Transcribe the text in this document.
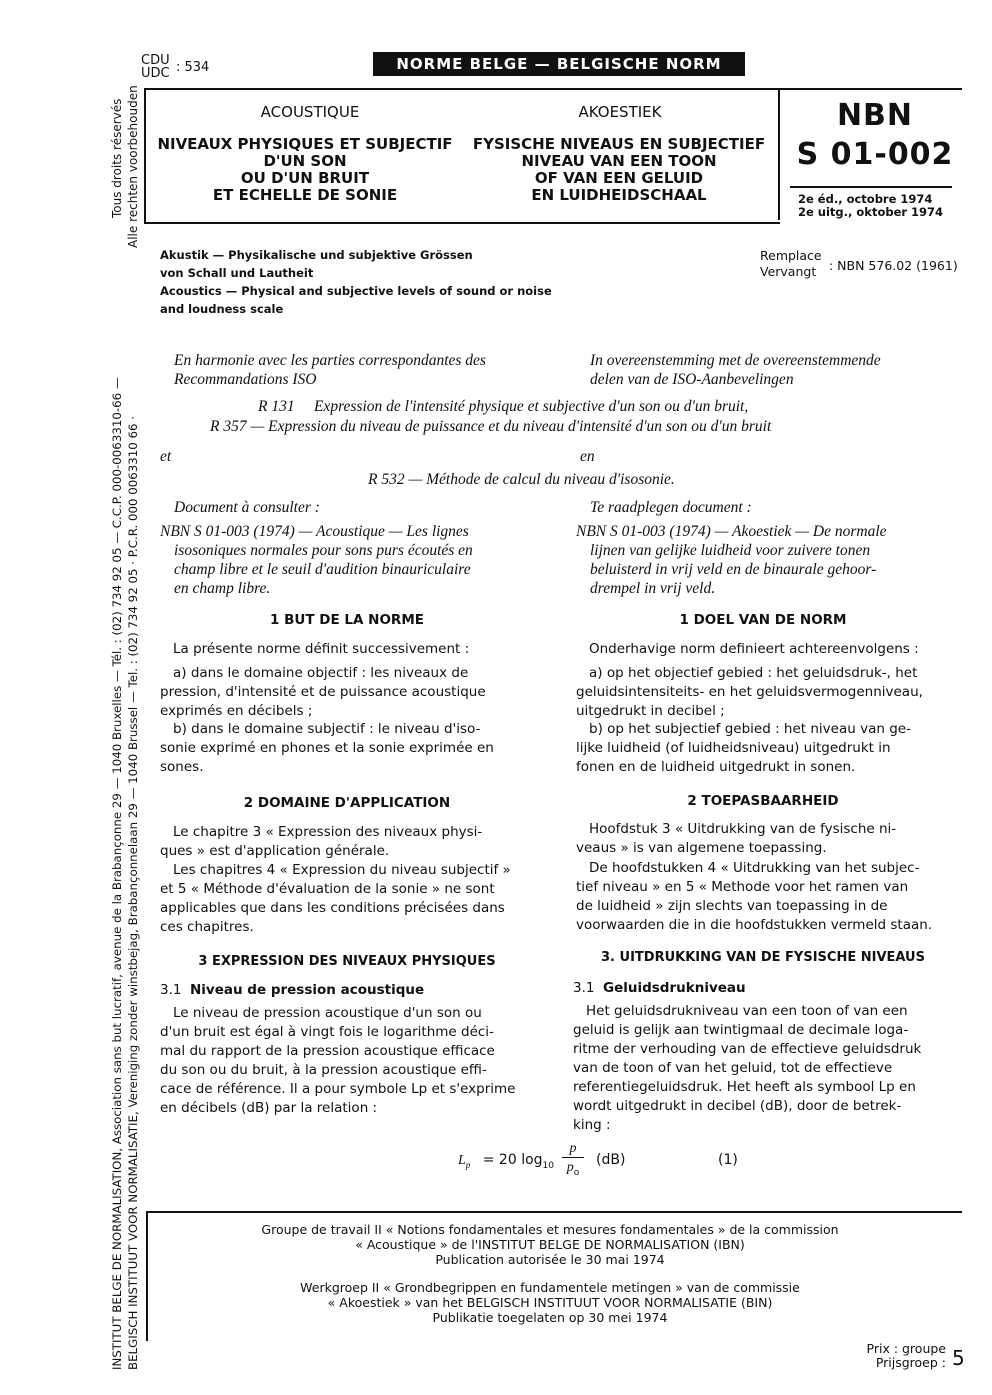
INSTITUT BELGE DE NORMALISATION, Association sans but lucratif, avenue de la Brabançonne 29 — 1040 Bruxelles — Tél. : (02) 734 92 05 — C.C.P. 000-0063310-66 — BELGISCH INSTITUUT VOOR NORMALISATIE, Vereniging zonder winstbejag, Brabançonnelaan 29 — 1040 Brussel — Tel. : (02) 734 92 05 · P.C.R. 000 0063310 66 ·
Tous droits réservés Alle rechten voorbehouden
CDU
UDC : 534	NORME BELGE — BELGISCHE NORM
ACOUSTIQUE	AKOESTIEK
NIVEAUX PHYSIQUES ET SUBJECTIF
D'UN SON
OU D'UN BRUIT
ET ECHELLE DE SONIE
FYSISCHE NIVEAUS EN SUBJECTIEF
NIVEAU VAN EEN TOON
OF VAN EEN GELUID
EN LUIDHEIDSCHAAL
NBN
S 01-002
2e éd., octobre 1974
2e uitg., oktober 1974
Akustik — Physikalische und subjektive Grössen
von Schall und Lautheit
Acoustics — Physical and subjective levels of sound or noise
and loudness scale
Remplace
Vervangt	: NBN 576.02 (1961)
En harmonie avec les parties correspondantes des
Recommandations ISO
In overeenstemming met de overeenstemmende
delen van de ISO-Aanbevelingen
R 131     Expression de l'intensité physique et subjective d'un son ou d'un bruit,
R 357 — Expression du niveau de puissance et du niveau d'intensité d'un son ou d'un bruit
et	en
R 532 — Méthode de calcul du niveau d'isosonie.
Document à consulter :	Te raadplegen document :
NBN S 01-003 (1974) — Acoustique — Les lignes
isosoniques normales pour sons purs écoutés en
champ libre et le seuil d'audition binauriculaire
en champ libre.
NBN S 01-003 (1974) — Akoestiek — De normale
lijnen van gelijke luidheid voor zuivere tonen
beluisterd in vrij veld en de binaurale gehoor-
drempel in vrij veld.
1 BUT DE LA NORME
La présente norme définit successivement :
a) dans le domaine objectif : les niveaux de
pression, d'intensité et de puissance acoustique
exprimés en décibels ;
b) dans le domaine subjectif : le niveau d'iso-
sonie exprimé en phones et la sonie exprimée en
sones.
2 DOMAINE D'APPLICATION
Le chapitre 3 « Expression des niveaux physi-
ques » est d'application générale.
Les chapitres 4 « Expression du niveau subjectif »
et 5 « Méthode d'évaluation de la sonie » ne sont
applicables que dans les conditions précisées dans
ces chapitres.
3 EXPRESSION DES NIVEAUX PHYSIQUES
3.1 Niveau de pression acoustique
Le niveau de pression acoustique d'un son ou
d'un bruit est égal à vingt fois le logarithme déci-
mal du rapport de la pression acoustique efficace
du son ou du bruit, à la pression acoustique effi-
cace de référence. Il a pour symbole Lp et s'exprime
en décibels (dB) par la relation :
1 DOEL VAN DE NORM
Onderhavige norm definieert achtereenvolgens :
a) op het objectief gebied : het geluidsdruk-, het
geluidsintensiteits- en het geluidsvermogenniveau,
uitgedrukt in decibel ;
b) op het subjectief gebied : het niveau van ge-
lijke luidheid (of luidheidsniveau) uitgedrukt in
fonen en de luidheid uitgedrukt in sonen.
2 TOEPASBAARHEID
Hoofdstuk 3 « Uitdrukking van de fysische ni-
veaus » is van algemene toepassing.
De hoofdstukken 4 « Uitdrukking van het subjec-
tief niveau » en 5 « Methode voor het ramen van
de luidheid » zijn slechts van toepassing in de
voorwaarden die in die hoofdstukken vermeld staan.
3. UITDRUKKING VAN DE FYSISCHE NIVEAUS
3.1 Geluidsdrukniveau
Het geluidsdrukniveau van een toon of van een
geluid is gelijk aan twintigmaal de decimale loga-
ritme der verhouding van de effectieve geluidsdruk
van de toon of van het geluid, tot de effectieve
referentiegeluidsdruk. Het heeft als symbool Lp en
wordt uitgedrukt in decibel (dB), door de betrek-
king :
$L_p = 20$ $\log_{10}$
p
$p_o$
(dB)	(1)
Groupe de travail II « Notions fondamentales et mesures fondamentales » de la commission
« Acoustique » de l'INSTITUT BELGE DE NORMALISATION (IBN)
Publication autorisée le 30 mai 1974
Werkgroep II « Grondbegrippen en fundamentele metingen » van de commissie
« Akoestiek » van het BELGISCH INSTITUUT VOOR NORMALISATIE (BIN)
Publikatie toegelaten op 30 mei 1974
Prix : groupe
Prijsgroep : 5
